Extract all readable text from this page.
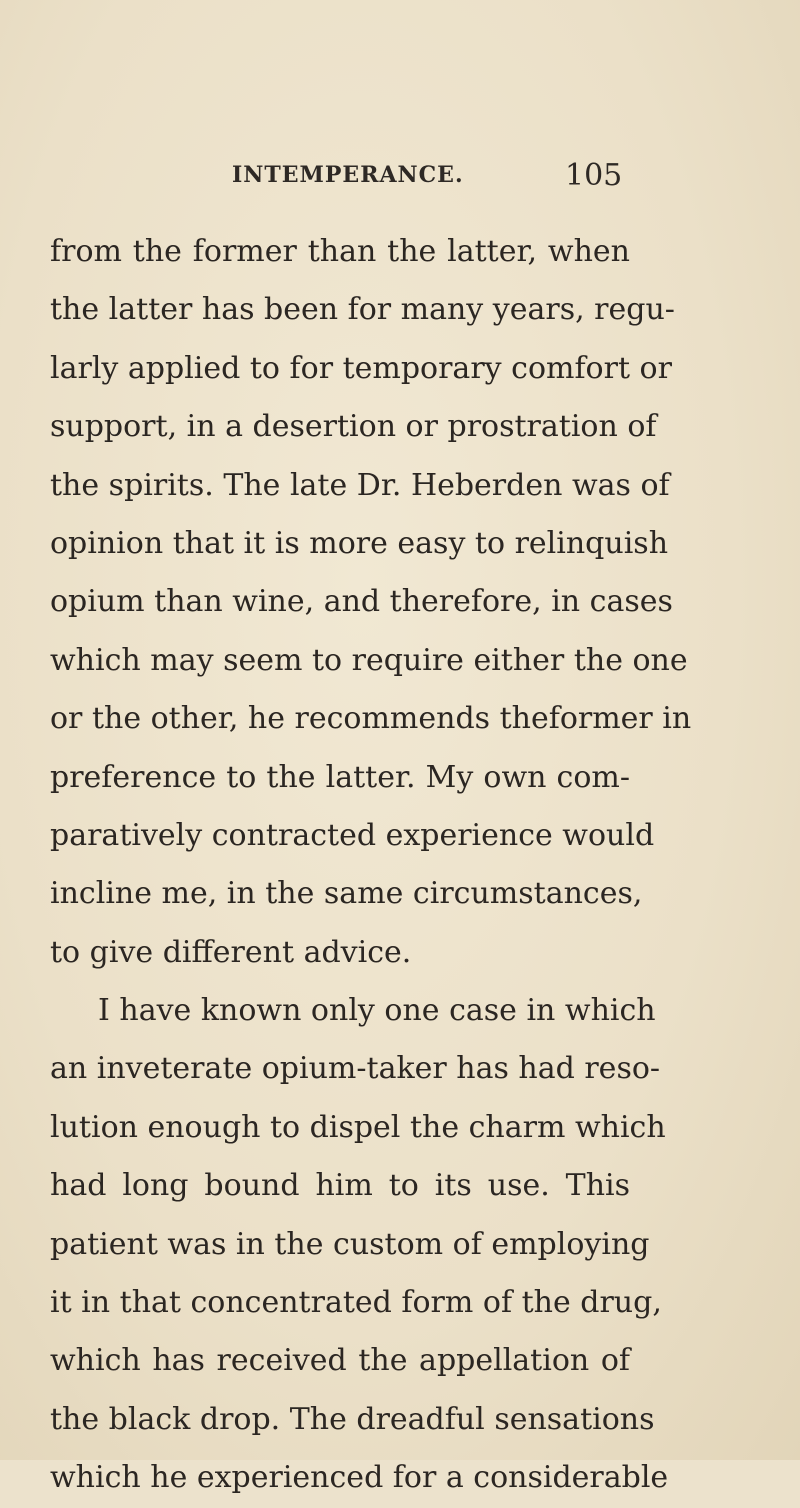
INTEMPERANCE.	105
from the former than the latter, when
the latter has been for many years, regu-
larly applied to for temporary comfort or
support, in a desertion or prostration of
the spirits. The late Dr. Heberden was of
opinion that it is more easy to relinquish
opium than wine, and therefore, in cases
which may seem to require either the one
or the other, he recommends theformer in
preference to the latter. My own com-
paratively contracted experience would
incline me, in the same circumstances,
to give different advice.
I have known only one case in which
an inveterate opium-taker has had reso-
lution enough to dispel the charm which
had long bound him to its use. This
patient was in the custom of employing
it in that concentrated form of the drug,
which has received the appellation of
the black drop. The dreadful sensations
which he experienced for a considerable
